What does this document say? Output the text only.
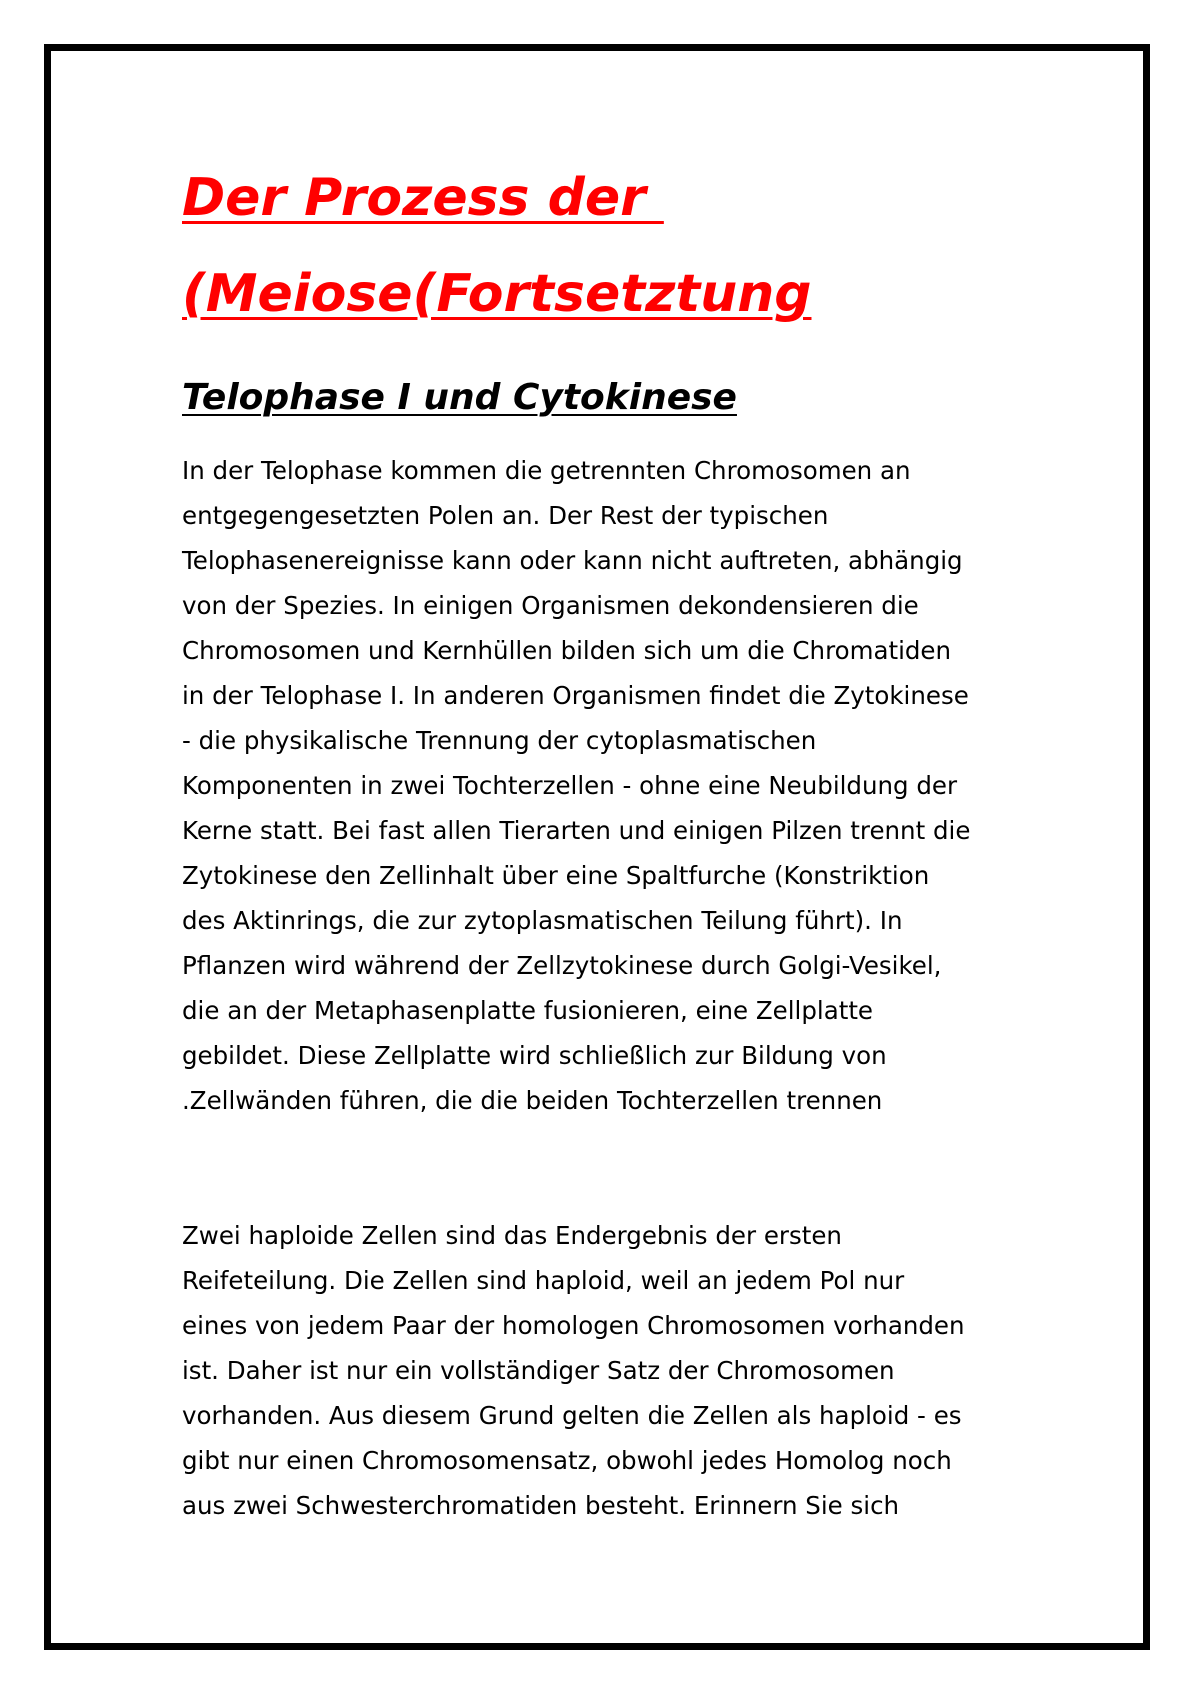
Der Prozess der
(Meiose(Fortsetztung
Telophase I und Cytokinese

In der Telophase kommen die getrennten Chromosomen an
entgegengesetzten Polen an. Der Rest der typischen
Telophasenereignisse kann oder kann nicht auftreten, abhängig
von der Spezies. In einigen Organismen dekondensieren die
Chromosomen und Kernhüllen bilden sich um die Chromatiden
in der Telophase I. In anderen Organismen findet die Zytokinese
- die physikalische Trennung der cytoplasmatischen
Komponenten in zwei Tochterzellen - ohne eine Neubildung der
Kerne statt. Bei fast allen Tierarten und einigen Pilzen trennt die
Zytokinese den Zellinhalt über eine Spaltfurche (Konstriktion
des Aktinrings, die zur zytoplasmatischen Teilung führt). In
Pflanzen wird während der Zellzytokinese durch Golgi-Vesikel,
die an der Metaphasenplatte fusionieren, eine Zellplatte
gebildet. Diese Zellplatte wird schließlich zur Bildung von
.Zellwänden führen, die die beiden Tochterzellen trennen

Zwei haploide Zellen sind das Endergebnis der ersten
Reifeteilung. Die Zellen sind haploid, weil an jedem Pol nur
eines von jedem Paar der homologen Chromosomen vorhanden
ist. Daher ist nur ein vollständiger Satz der Chromosomen
vorhanden. Aus diesem Grund gelten die Zellen als haploid - es
gibt nur einen Chromosomensatz, obwohl jedes Homolog noch
aus zwei Schwesterchromatiden besteht. Erinnern Sie sich
